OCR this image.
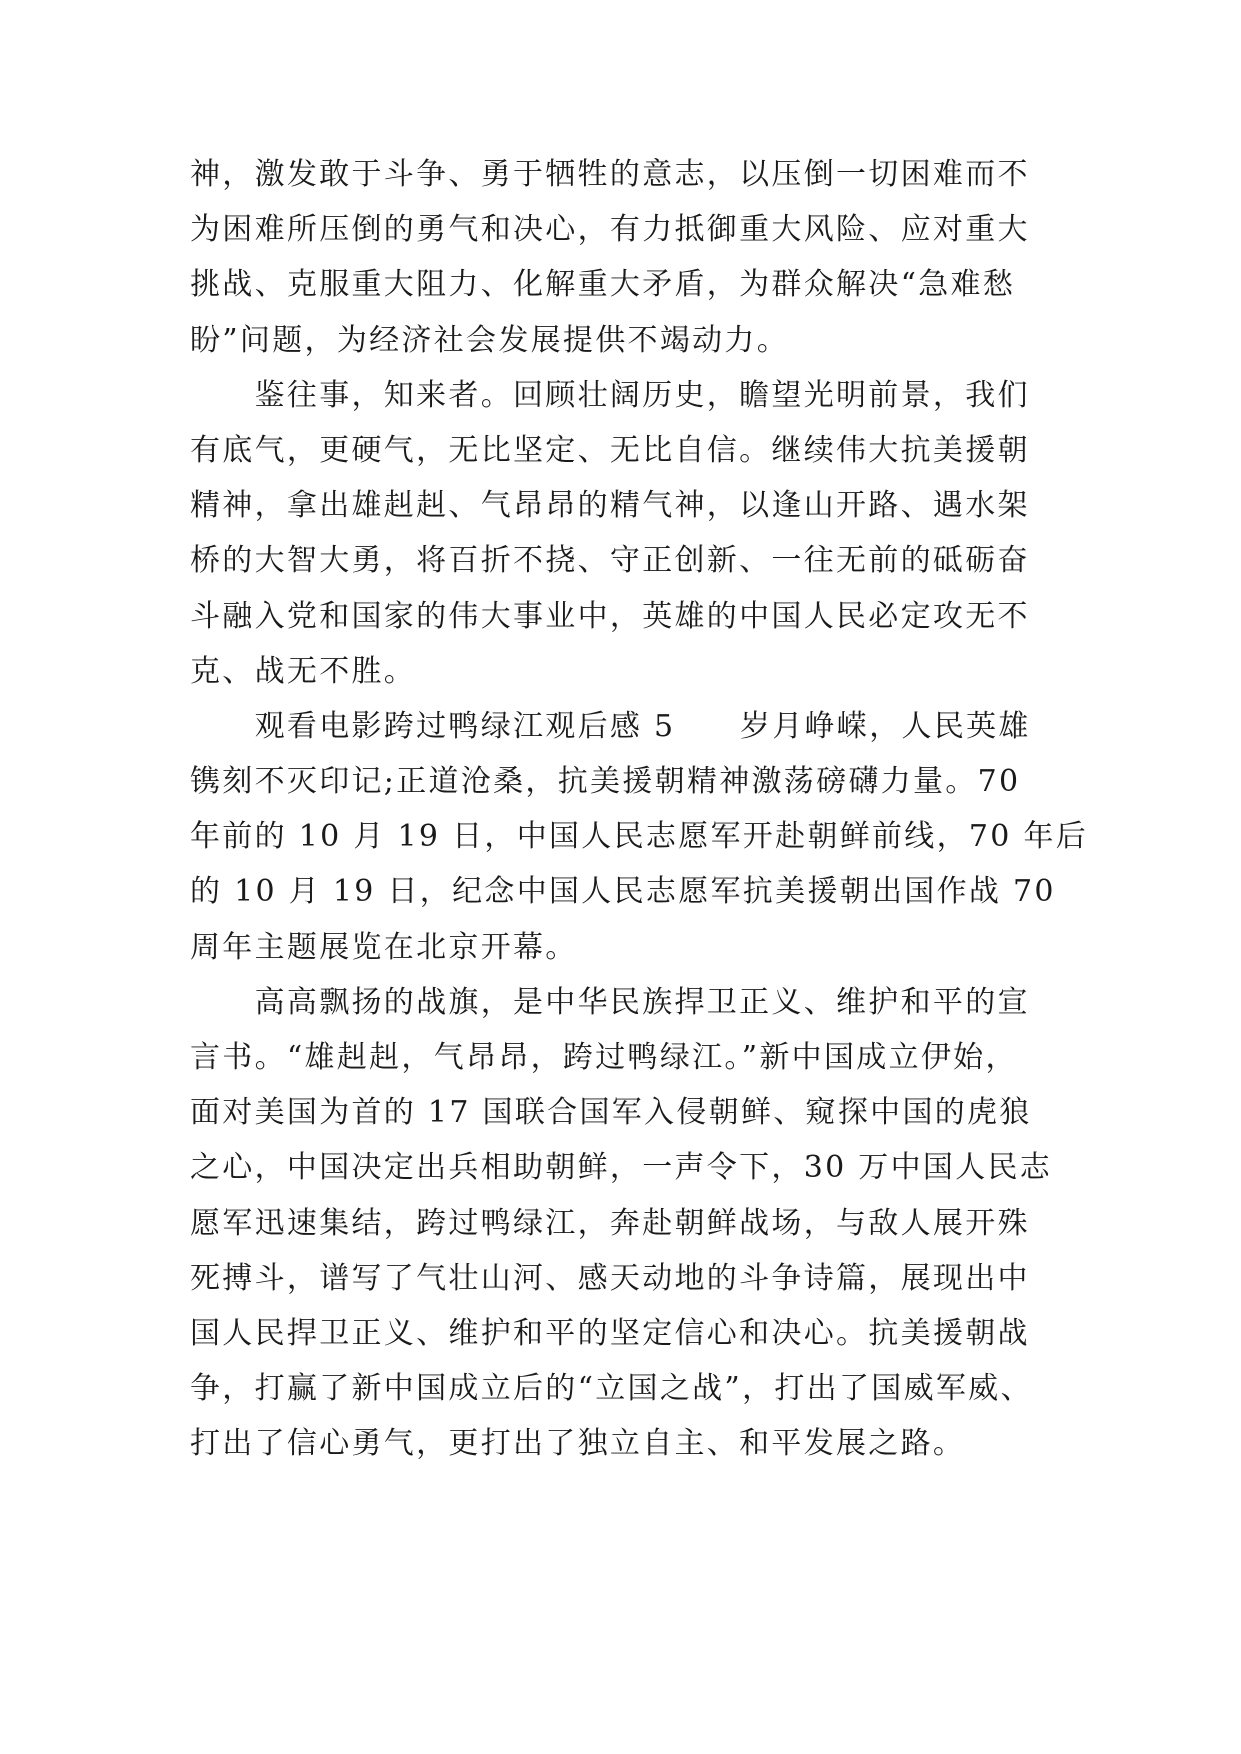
神，激发敢于斗争、勇于牺牲的意志，以压倒一切困难而不
为困难所压倒的勇气和决心，有力抵御重大风险、应对重大
挑战、克服重大阻力、化解重大矛盾，为群众解决“急难愁
盼”问题，为经济社会发展提供不竭动力。
　　鉴往事，知来者。回顾壮阔历史，瞻望光明前景，我们
有底气，更硬气，无比坚定、无比自信。继续伟大抗美援朝
精神，拿出雄赳赳、气昂昂的精气神，以逢山开路、遇水架
桥的大智大勇，将百折不挠、守正创新、一往无前的砥砺奋
斗融入党和国家的伟大事业中，英雄的中国人民必定攻无不
克、战无不胜。
　　观看电影跨过鸭绿江观后感 5　　岁月峥嵘，人民英雄
镌刻不灭印记;正道沧桑，抗美援朝精神激荡磅礴力量。70
年前的 10 月 19 日，中国人民志愿军开赴朝鲜前线，70 年后
的 10 月 19 日，纪念中国人民志愿军抗美援朝出国作战 70
周年主题展览在北京开幕。
　　高高飘扬的战旗，是中华民族捍卫正义、维护和平的宣
言书。“雄赳赳，气昂昂，跨过鸭绿江。”新中国成立伊始，
面对美国为首的 17 国联合国军入侵朝鲜、窥探中国的虎狼
之心，中国决定出兵相助朝鲜，一声令下，30 万中国人民志
愿军迅速集结，跨过鸭绿江，奔赴朝鲜战场，与敌人展开殊
死搏斗，谱写了气壮山河、感天动地的斗争诗篇，展现出中
国人民捍卫正义、维护和平的坚定信心和决心。抗美援朝战
争，打赢了新中国成立后的“立国之战”，打出了国威军威、
打出了信心勇气，更打出了独立自主、和平发展之路。
